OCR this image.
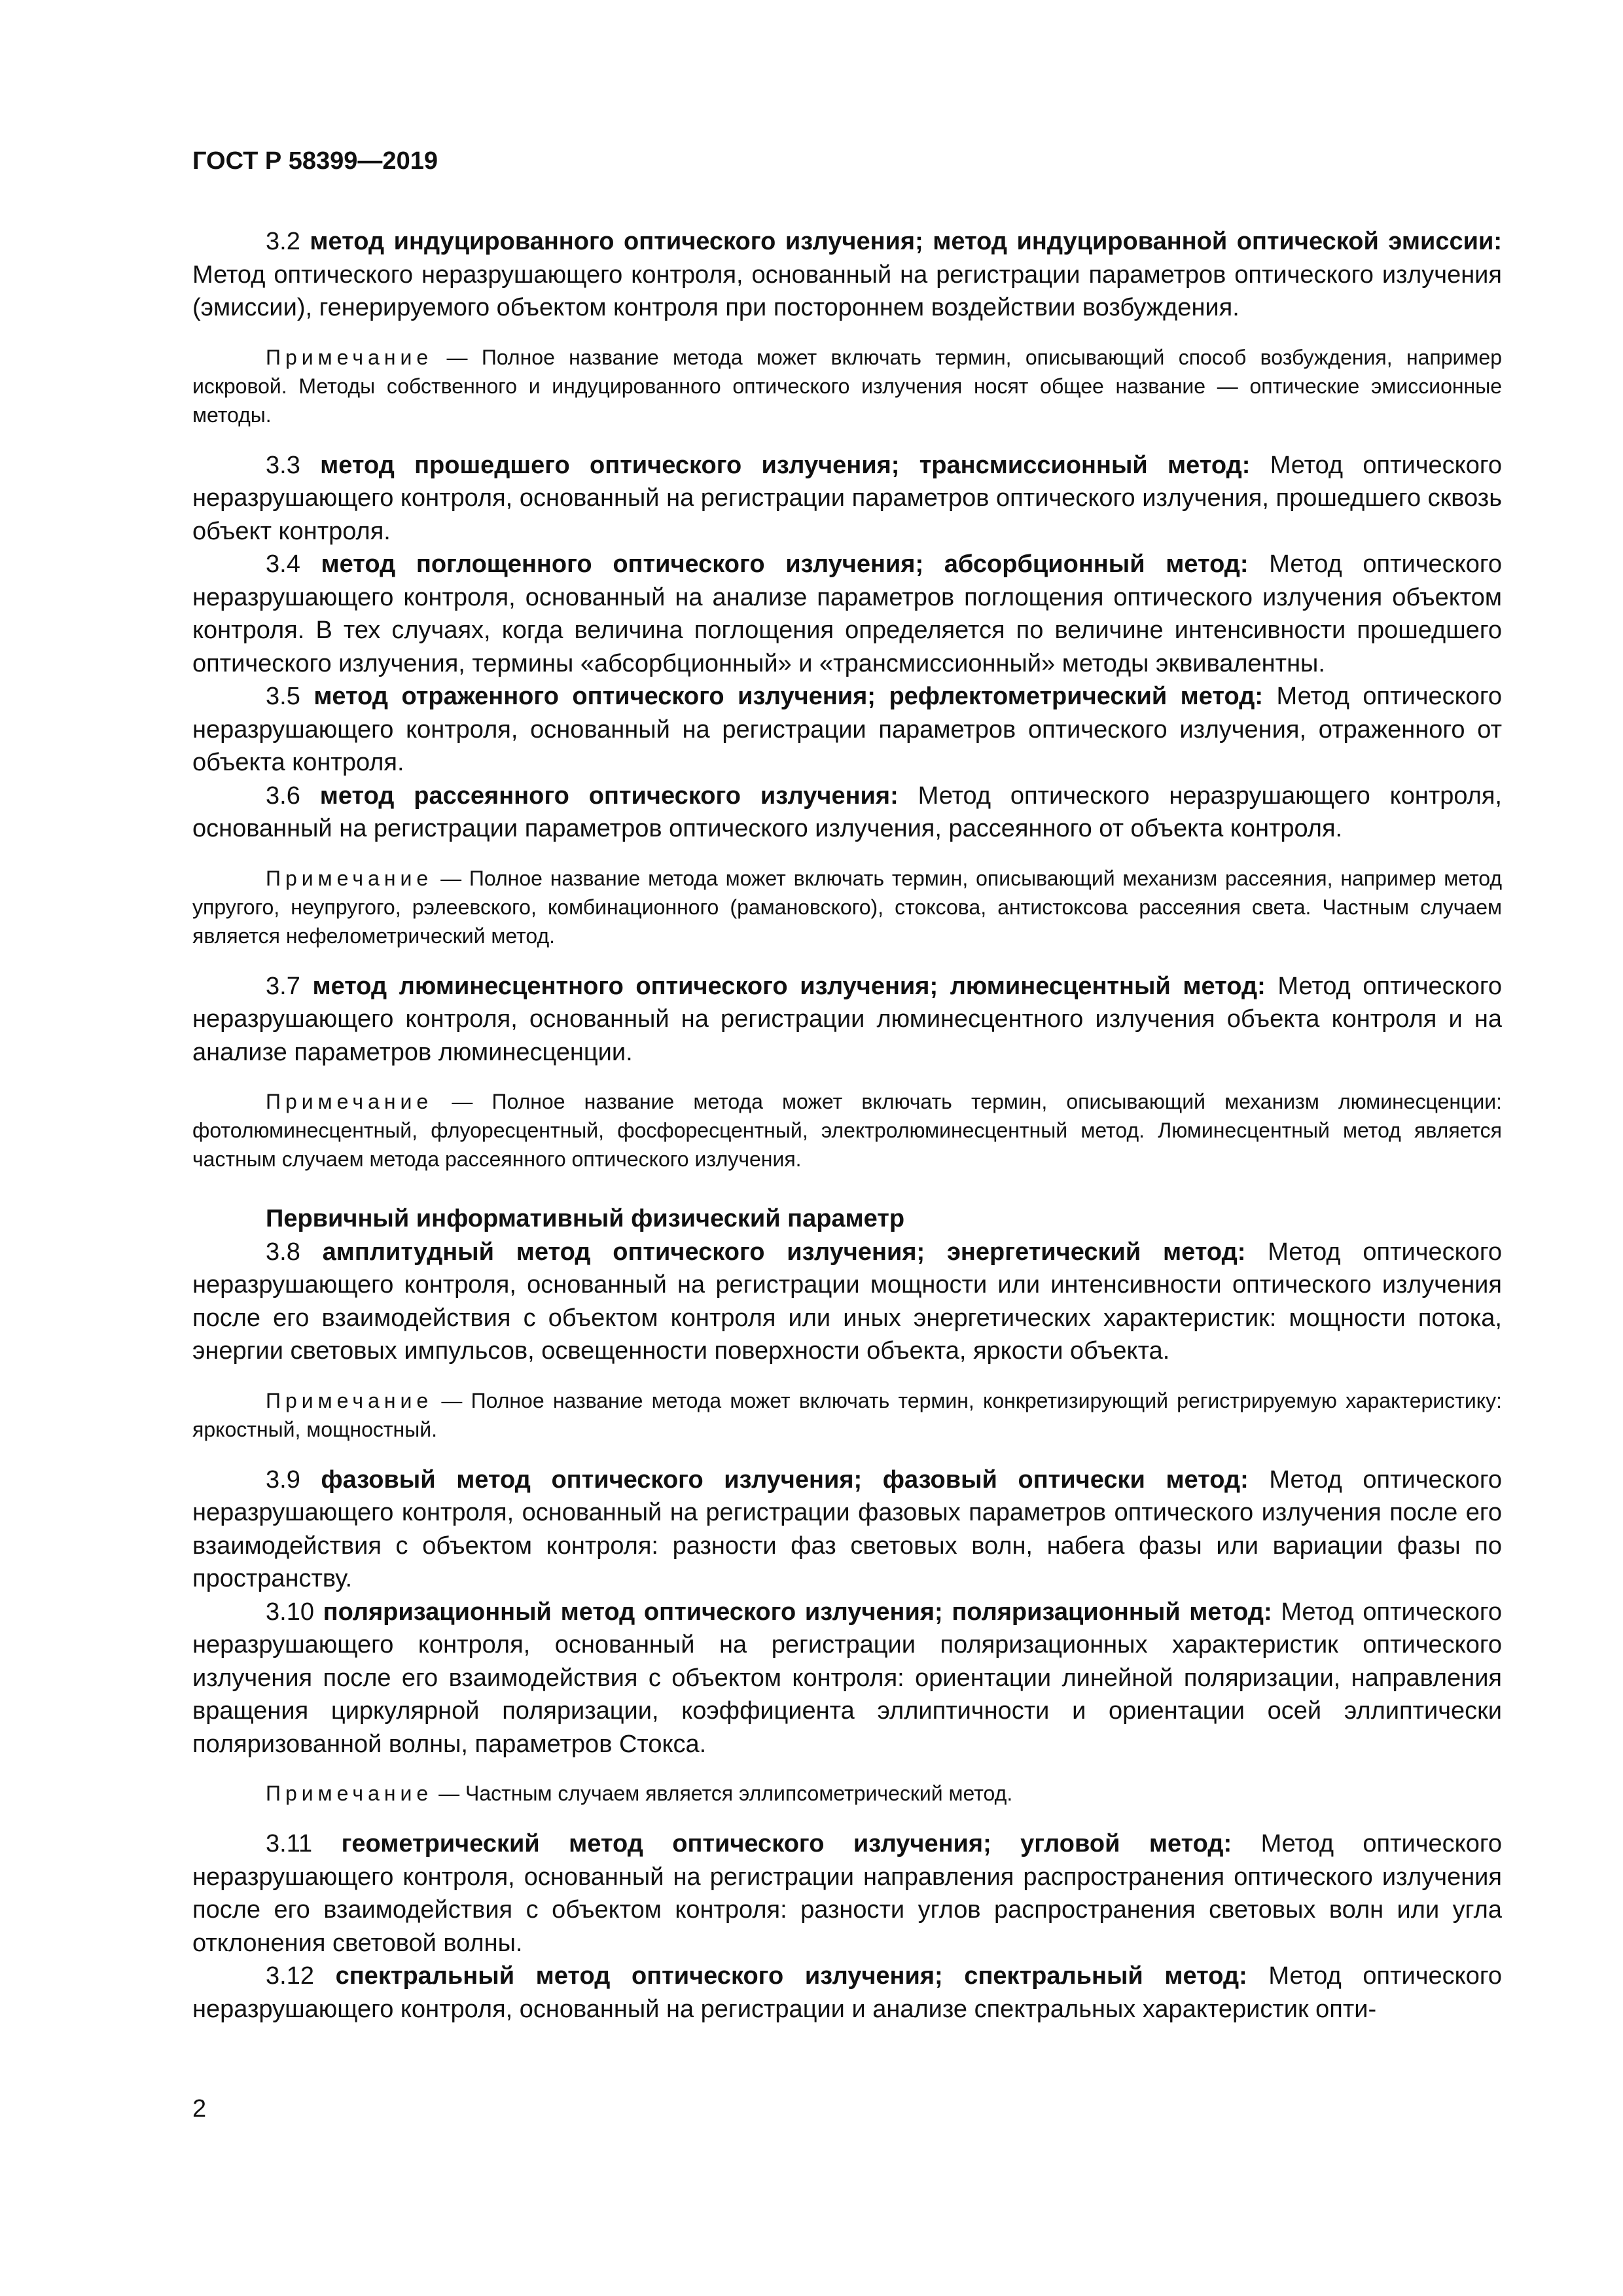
ГОСТ Р 58399—2019

3.2 метод индуцированного оптического излучения; метод индуцированной оптической эмиссии: Метод оптического неразрушающего контроля, основанный на регистрации параметров оптического излучения (эмиссии), генерируемого объектом контроля при постороннем воздействии возбуждения.

Примечание — Полное название метода может включать термин, описывающий способ возбуждения, например искровой. Методы собственного и индуцированного оптического излучения носят общее название — оптические эмиссионные методы.

3.3 метод прошедшего оптического излучения; трансмиссионный метод: Метод оптического неразрушающего контроля, основанный на регистрации параметров оптического излучения, прошедшего сквозь объект контроля.

3.4 метод поглощенного оптического излучения; абсорбционный метод: Метод оптического неразрушающего контроля, основанный на анализе параметров поглощения оптического излучения объектом контроля. В тех случаях, когда величина поглощения определяется по величине интенсивности прошедшего оптического излучения, термины «абсорбционный» и «трансмиссионный» методы эквивалентны.

3.5 метод отраженного оптического излучения; рефлектометрический метод: Метод оптического неразрушающего контроля, основанный на регистрации параметров оптического излучения, отраженного от объекта контроля.

3.6 метод рассеянного оптического излучения: Метод оптического неразрушающего контроля, основанный на регистрации параметров оптического излучения, рассеянного от объекта контроля.

Примечание — Полное название метода может включать термин, описывающий механизм рассеяния, например метод упругого, неупругого, рэлеевского, комбинационного (рамановского), стоксова, антистоксова рассеяния света. Частным случаем является нефелометрический метод.

3.7 метод люминесцентного оптического излучения; люминесцентный метод: Метод оптического неразрушающего контроля, основанный на регистрации люминесцентного излучения объекта контроля и на анализе параметров люминесценции.

Примечание — Полное название метода может включать термин, описывающий механизм люминесценции: фотолюминесцентный, флуоресцентный, фосфоресцентный, электролюминесцентный метод. Люминесцентный метод является частным случаем метода рассеянного оптического излучения.

Первичный информативный физический параметр

3.8 амплитудный метод оптического излучения; энергетический метод: Метод оптического неразрушающего контроля, основанный на регистрации мощности или интенсивности оптического излучения после его взаимодействия с объектом контроля или иных энергетических характеристик: мощности потока, энергии световых импульсов, освещенности поверхности объекта, яркости объекта.

Примечание — Полное название метода может включать термин, конкретизирующий регистрируемую характеристику: яркостный, мощностный.

3.9 фазовый метод оптического излучения; фазовый оптически метод: Метод оптического неразрушающего контроля, основанный на регистрации фазовых параметров оптического излучения после его взаимодействия с объектом контроля: разности фаз световых волн, набега фазы или вариации фазы по пространству.

3.10 поляризационный метод оптического излучения; поляризационный метод: Метод оптического неразрушающего контроля, основанный на регистрации поляризационных характеристик оптического излучения после его взаимодействия с объектом контроля: ориентации линейной поляризации, направления вращения циркулярной поляризации, коэффициента эллиптичности и ориентации осей эллиптически поляризованной волны, параметров Стокса.

Примечание — Частным случаем является эллипсометрический метод.

3.11 геометрический метод оптического излучения; угловой метод: Метод оптического неразрушающего контроля, основанный на регистрации направления распространения оптического излучения после его взаимодействия с объектом контроля: разности углов распространения световых волн или угла отклонения световой волны.

3.12 спектральный метод оптического излучения; спектральный метод: Метод оптического неразрушающего контроля, основанный на регистрации и анализе спектральных характеристик опти-

2
